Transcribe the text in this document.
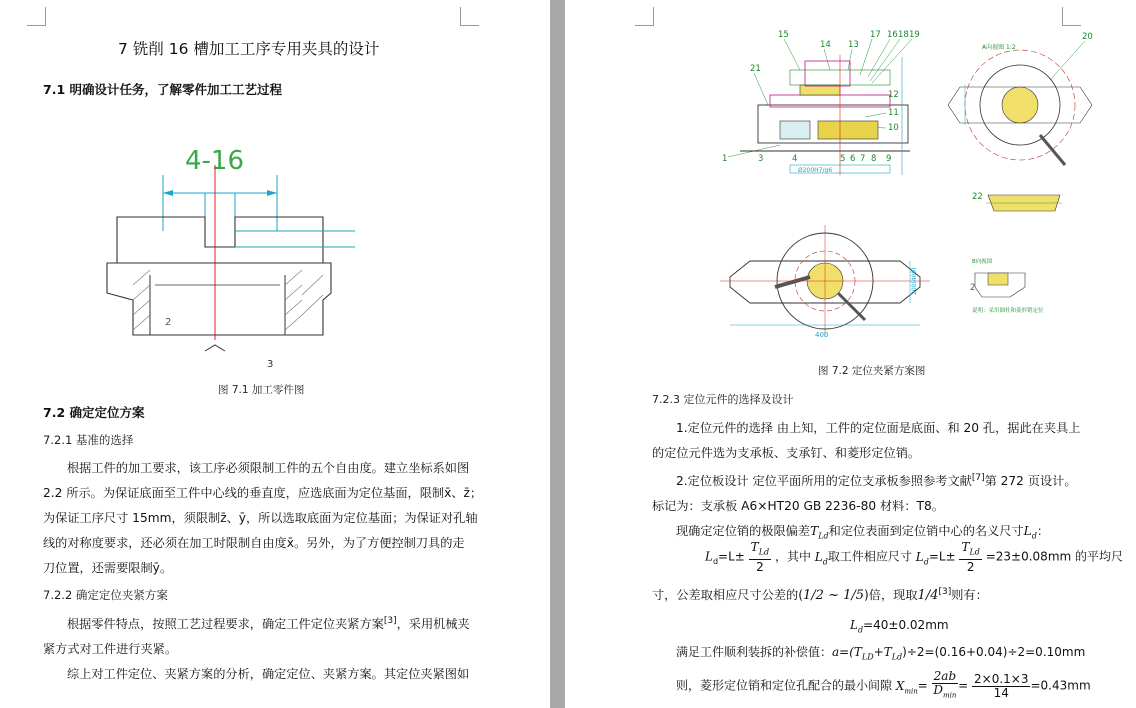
7 铣削 16 槽加工工序专用夹具的设计
7.1 明确设计任务，了解零件加工工艺过程
4-16
2
3
图 7.1 加工零件图
7.2 确定定位方案
7.2.1 基准的选择
根据工件的加工要求，该工序必须限制工件的五个自由度。建立坐标系如图
2.2 所示。为保证底面至工件中心线的垂直度，应选底面为定位基面，限制x̄、z̄；
为保证工序尺寸 15mm，须限制z̄、ȳ，所以选取底面为定位基面；为保证对孔轴
线的对称度要求，还必须在加工时限制自由度x̄。另外，为了方便控制刀具的走
刀位置，还需要限制ȳ。
7.2.2 确定定位夹紧方案
根据零件特点，按照工艺过程要求，确定工件定位夹紧方案[3]，采用机械夹
紧方式对工件进行夹紧。
综上对工件定位、夹紧方案的分析，确定定位、夹紧方案。其定位夹紧图如
15
14 13
17 16 18 19
21
12
11
10
1	3	4	5 6 7 8 9
20
22
2
Ø200H7/g6
A向视图 1:2
400
200(400)
B向视图
说明：采用圆柱和菱形销定位
图 7.2 定位夹紧方案图
7.2.3 定位元件的选择及设计
1.定位元件的选择 由上知，工件的定位面是底面、和 20 孔，据此在夹具上
的定位元件选为支承板、支承钉、和菱形定位销。
2.定位板设计 定位平面所用的定位支承板参照参考文献[7]第 272 页设计。
标记为：支承板 A6×HT20 GB 2236-80 材料：T8。
现确定定位销的极限偏差$T_{Ld}$和定位表面到定位销中心的名义尺寸$L_d$：
$L_d=L\pm$
$T_{Ld}$
2
，其中 $L_d$取工件相应尺寸 $L_d=L\pm$
$T_{Ld}$
2
=23±0.08mm 的平均尺
寸，公差取相应尺寸公差的(1/2 ~ 1/5)倍，现取1/4[3]则有：
$L_d=40\pm 0.02mm$
满足工件顺利装拆的补偿值：$a=(T_{LD}+T_{Ld})\div 2=(0.16+0.04)\div 2=0.10mm$
则，菱形定位销和定位孔配合的最小间隙 $X_{min}=$
2ab
$D_{min}$
= $\frac{2\times 0.1\times 3}{14} =0.43mm$
